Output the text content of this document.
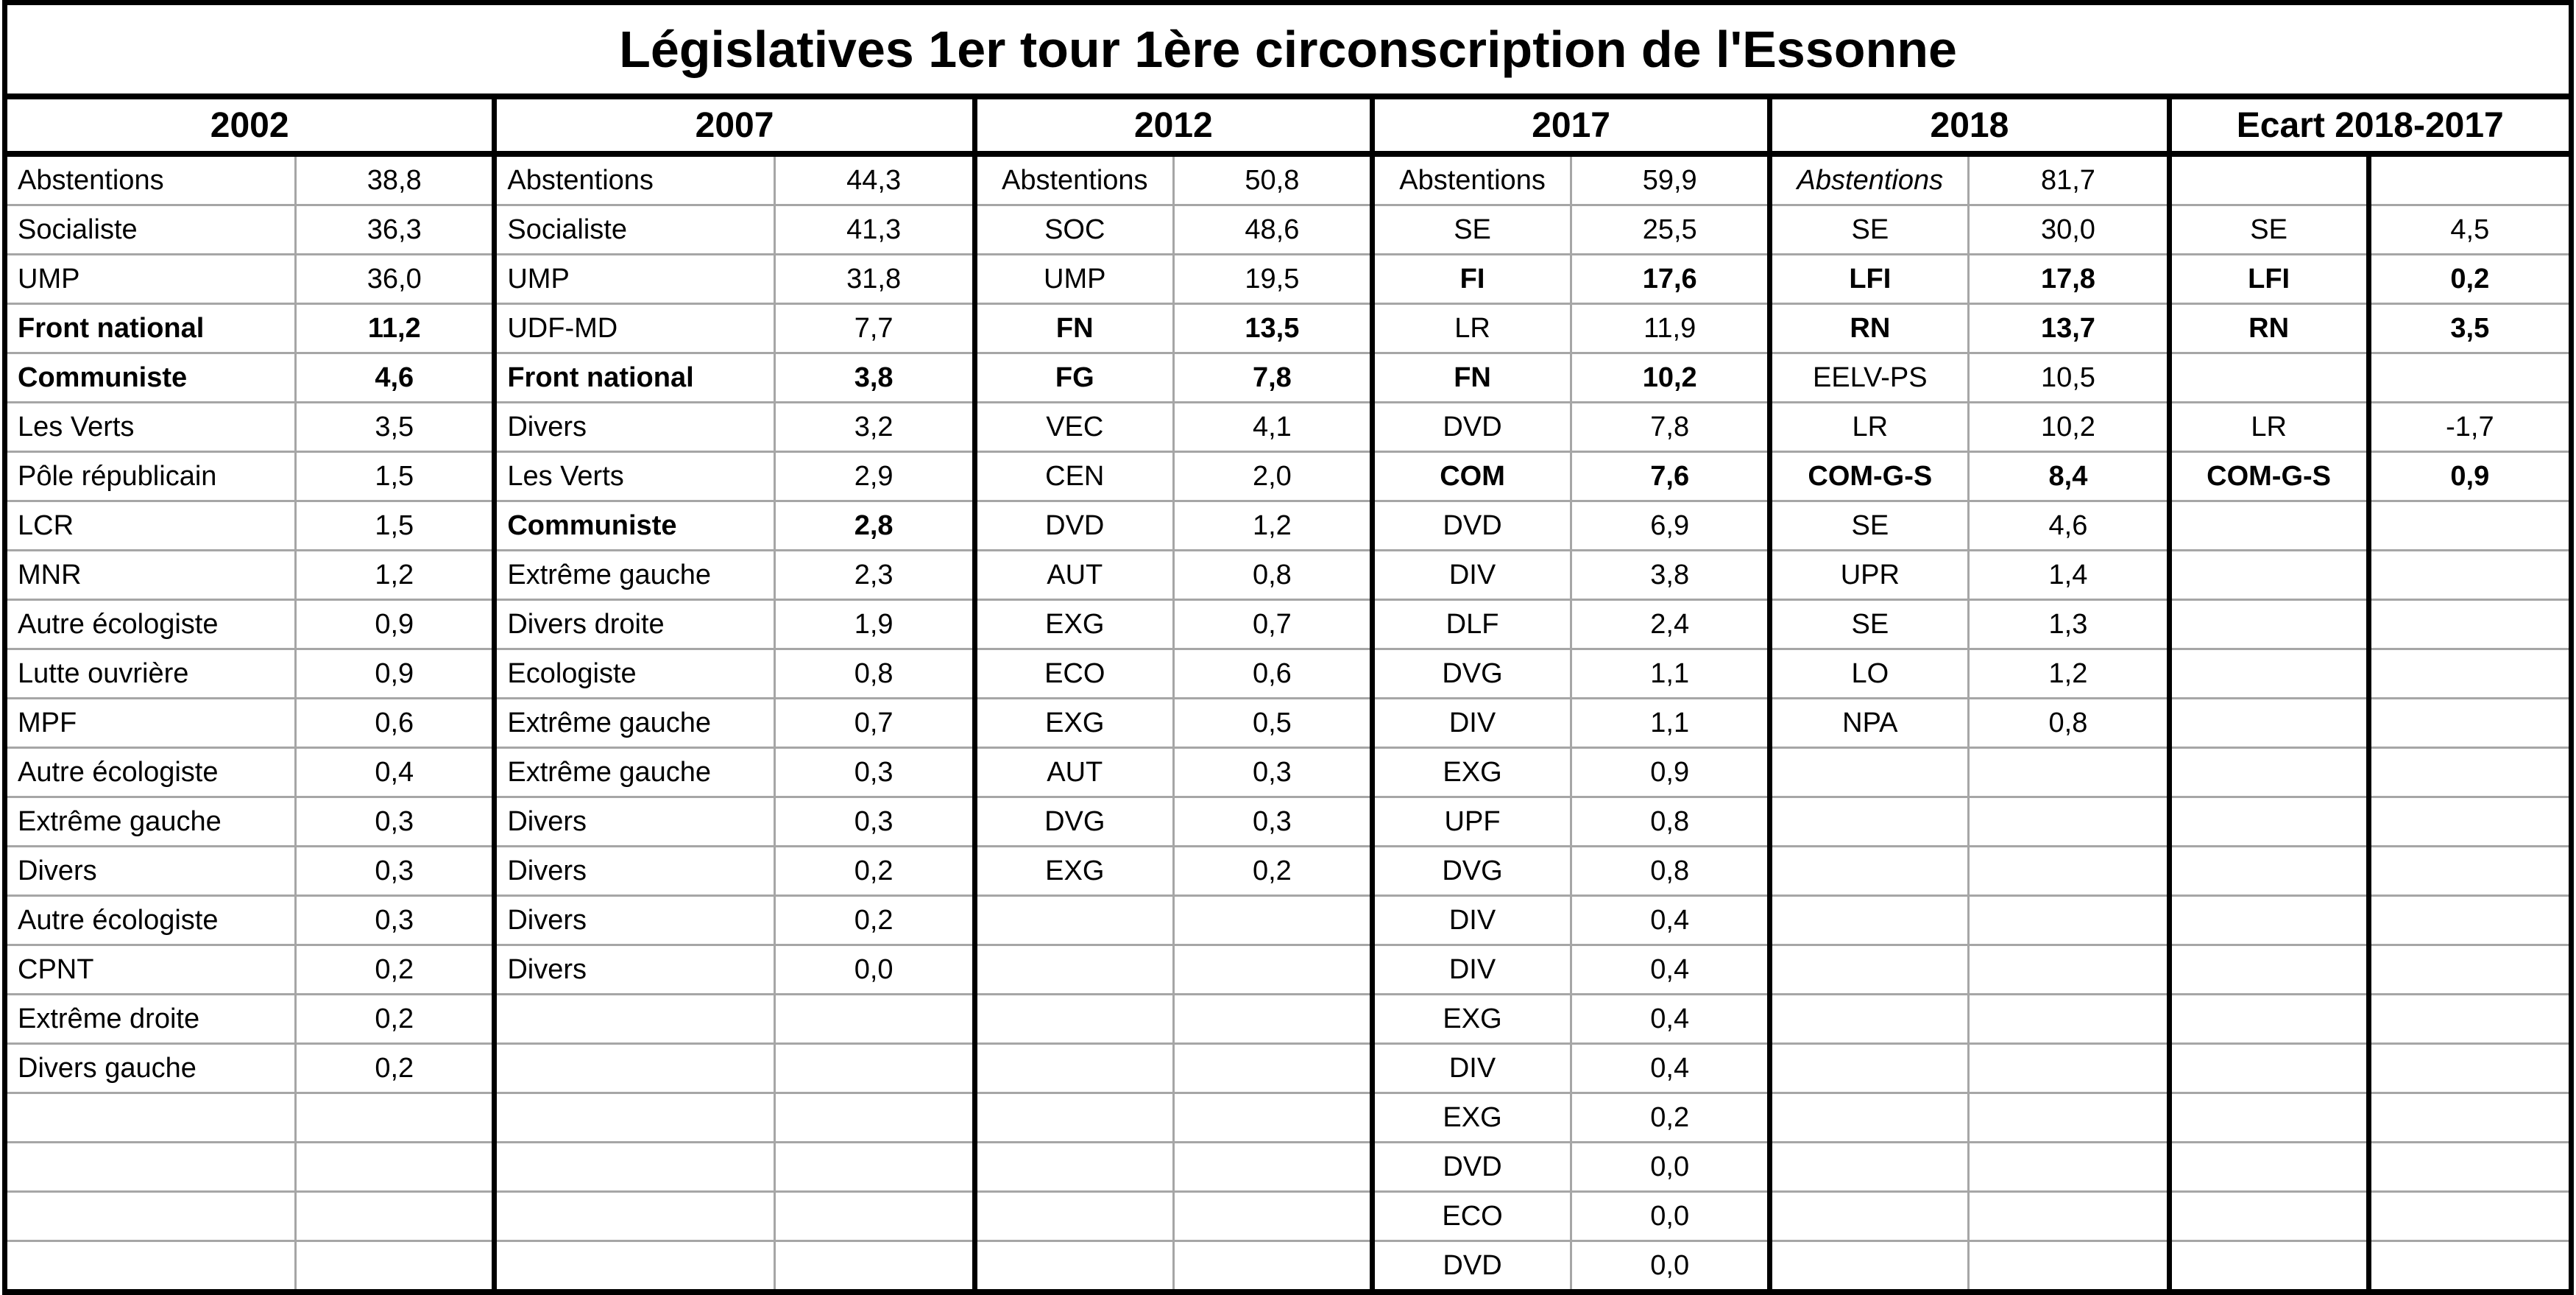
Législatives 1er tour 1ère circonscription de l'Essonne											
2002		2007		2012		2017		2018		Ecart 2018-2017	
Abstentions	38,8	Abstentions	44,3	Abstentions	50,8	Abstentions	59,9	Abstentions	81,7		
Socialiste	36,3	Socialiste	41,3	SOC	48,6	SE	25,5	SE	30,0	SE	4,5
UMP	36,0	UMP	31,8	UMP	19,5	FI	17,6	LFI	17,8	LFI	0,2
Front national	11,2	UDF-MD	7,7	FN	13,5	LR	11,9	RN	13,7	RN	3,5
Communiste	4,6	Front national	3,8	FG	7,8	FN	10,2	EELV-PS	10,5		
Les Verts	3,5	Divers	3,2	VEC	4,1	DVD	7,8	LR	10,2	LR	-1,7
Pôle républicain	1,5	Les Verts	2,9	CEN	2,0	COM	7,6	COM-G-S	8,4	COM-G-S	0,9
LCR	1,5	Communiste	2,8	DVD	1,2	DVD	6,9	SE	4,6		
MNR	1,2	Extrême gauche	2,3	AUT	0,8	DIV	3,8	UPR	1,4		
Autre écologiste	0,9	Divers droite	1,9	EXG	0,7	DLF	2,4	SE	1,3		
Lutte ouvrière	0,9	Ecologiste	0,8	ECO	0,6	DVG	1,1	LO	1,2		
MPF	0,6	Extrême gauche	0,7	EXG	0,5	DIV	1,1	NPA	0,8		
Autre écologiste	0,4	Extrême gauche	0,3	AUT	0,3	EXG	0,9				
Extrême gauche	0,3	Divers	0,3	DVG	0,3	UPF	0,8				
Divers	0,3	Divers	0,2	EXG	0,2	DVG	0,8				
Autre écologiste	0,3	Divers	0,2			DIV	0,4				
CPNT	0,2	Divers	0,0			DIV	0,4				
Extrême droite	0,2					EXG	0,4				
Divers gauche	0,2					DIV	0,4				
						EXG	0,2				
						DVD	0,0				
						ECO	0,0				
						DVD	0,0				
